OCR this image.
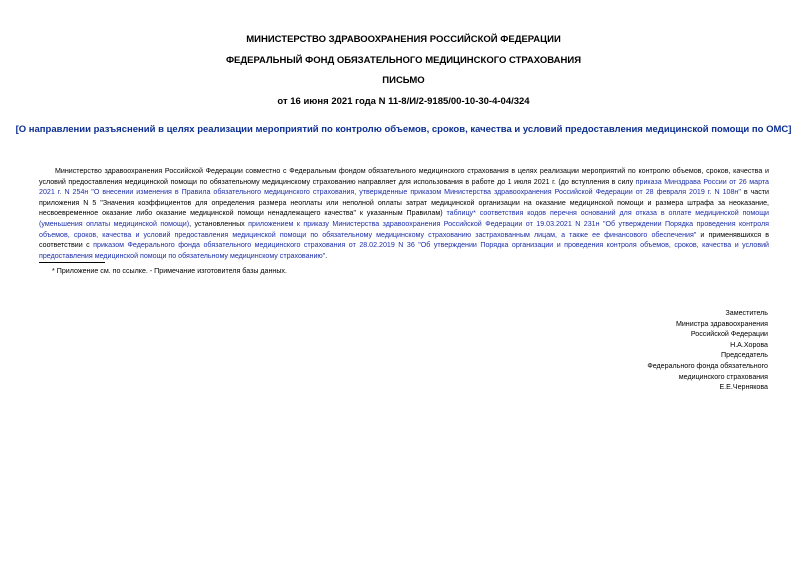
МИНИСТЕРСТВО ЗДРАВООХРАНЕНИЯ РОССИЙСКОЙ ФЕДЕРАЦИИ
ФЕДЕРАЛЬНЫЙ ФОНД ОБЯЗАТЕЛЬНОГО МЕДИЦИНСКОГО СТРАХОВАНИЯ
ПИСЬМО
от 16 июня 2021 года N 11-8/И/2-9185/00-10-30-4-04/324
[О направлении разъяснений в целях реализации мероприятий по контролю объемов, сроков, качества и условий предоставления медицинской помощи по ОМС]

Министерство здравоохранения Российской Федерации совместно с Федеральным фондом обязательного медицинского страхования в целях реализации мероприятий по контролю объемов, сроков, качества и условий предоставления медицинской помощи по обязательному медицинскому страхованию направляет для использования в работе до 1 июля 2021 г. (до вступления в силу приказа Минздрава России от 26 марта 2021 г. N 254н "О внесении изменения в Правила обязательного медицинского страхования, утвержденные приказом Министерства здравоохранения Российской Федерации от 28 февраля 2019 г. N 108н" в части приложения N 5 "Значения коэффициентов для определения размера неоплаты или неполной оплаты затрат медицинской организации на оказание медицинской помощи и размера штрафа за неоказание, несвоевременное оказание либо оказание медицинской помощи ненадлежащего качества" к указанным Правилам) таблицу* соответствия кодов перечня оснований для отказа в оплате медицинской помощи (уменьшения оплаты медицинской помощи), установленных приложением к приказу Министерства здравоохранения Российской Федерации от 19.03.2021 N 231н "Об утверждении Порядка проведения контроля объемов, сроков, качества и условий предоставления медицинской помощи по обязательному медицинскому страхованию застрахованным лицам, а также ее финансового обеспечения" и применявшихся в соответствии с приказом Федерального фонда обязательного медицинского страхования от 28.02.2019 N 36 "Об утверждении Порядка организации и проведения контроля объемов, сроков, качества и условий предоставления медицинской помощи по обязательному медицинскому страхованию".

* Приложение см. по ссылке. - Примечание изготовителя базы данных.
Заместитель
Министра здравоохранения
Российской Федерации
Н.А.Хорова
Председатель
Федерального фонда обязательного
медицинского страхования
Е.Е.Чернякова
